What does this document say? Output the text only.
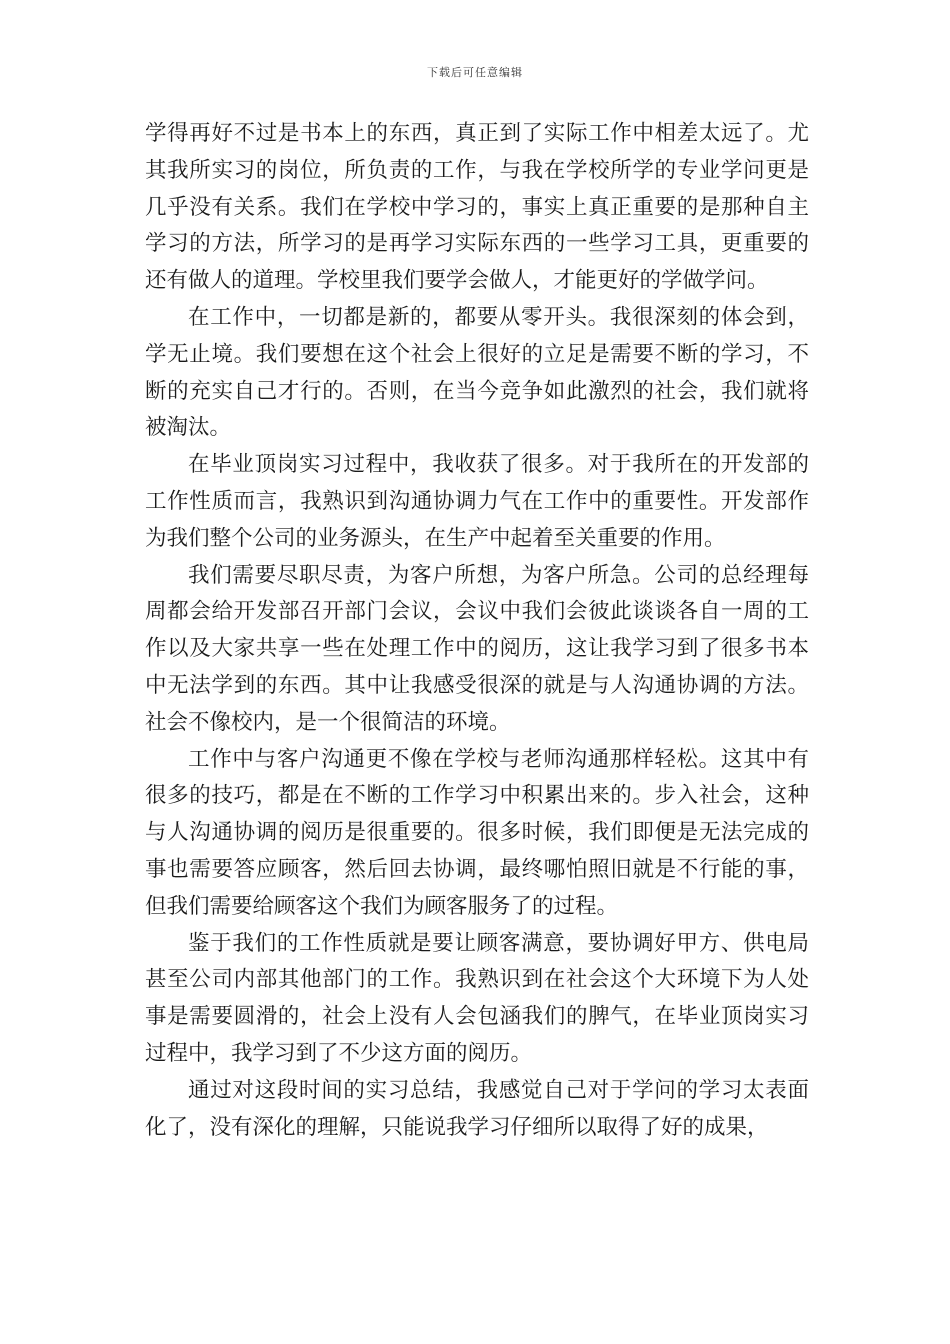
下载后可任意编辑

学得再好不过是书本上的东西，真正到了实际工作中相差太远了。尤其我所实习的岗位，所负责的工作，与我在学校所学的专业学问更是几乎没有关系。我们在学校中学习的，事实上真正重要的是那种自主学习的方法，所学习的是再学习实际东西的一些学习工具，更重要的还有做人的道理。学校里我们要学会做人，才能更好的学做学问。

在工作中，一切都是新的，都要从零开头。我很深刻的体会到，学无止境。我们要想在这个社会上很好的立足是需要不断的学习，不断的充实自己才行的。否则，在当今竞争如此激烈的社会，我们就将被淘汰。

在毕业顶岗实习过程中，我收获了很多。对于我所在的开发部的工作性质而言，我熟识到沟通协调力气在工作中的重要性。开发部作为我们整个公司的业务源头，在生产中起着至关重要的作用。

我们需要尽职尽责，为客户所想，为客户所急。公司的总经理每周都会给开发部召开部门会议，会议中我们会彼此谈谈各自一周的工作以及大家共享一些在处理工作中的阅历，这让我学习到了很多书本中无法学到的东西。其中让我感受很深的就是与人沟通协调的方法。社会不像校内，是一个很简洁的环境。

工作中与客户沟通更不像在学校与老师沟通那样轻松。这其中有很多的技巧，都是在不断的工作学习中积累出来的。步入社会，这种与人沟通协调的阅历是很重要的。很多时候，我们即便是无法完成的事也需要答应顾客，然后回去协调，最终哪怕照旧就是不行能的事，但我们需要给顾客这个我们为顾客服务了的过程。

鉴于我们的工作性质就是要让顾客满意，要协调好甲方、供电局甚至公司内部其他部门的工作。我熟识到在社会这个大环境下为人处事是需要圆滑的，社会上没有人会包涵我们的脾气，在毕业顶岗实习过程中，我学习到了不少这方面的阅历。

通过对这段时间的实习总结，我感觉自己对于学问的学习太表面化了，没有深化的理解，只能说我学习仔细所以取得了好的成果，
